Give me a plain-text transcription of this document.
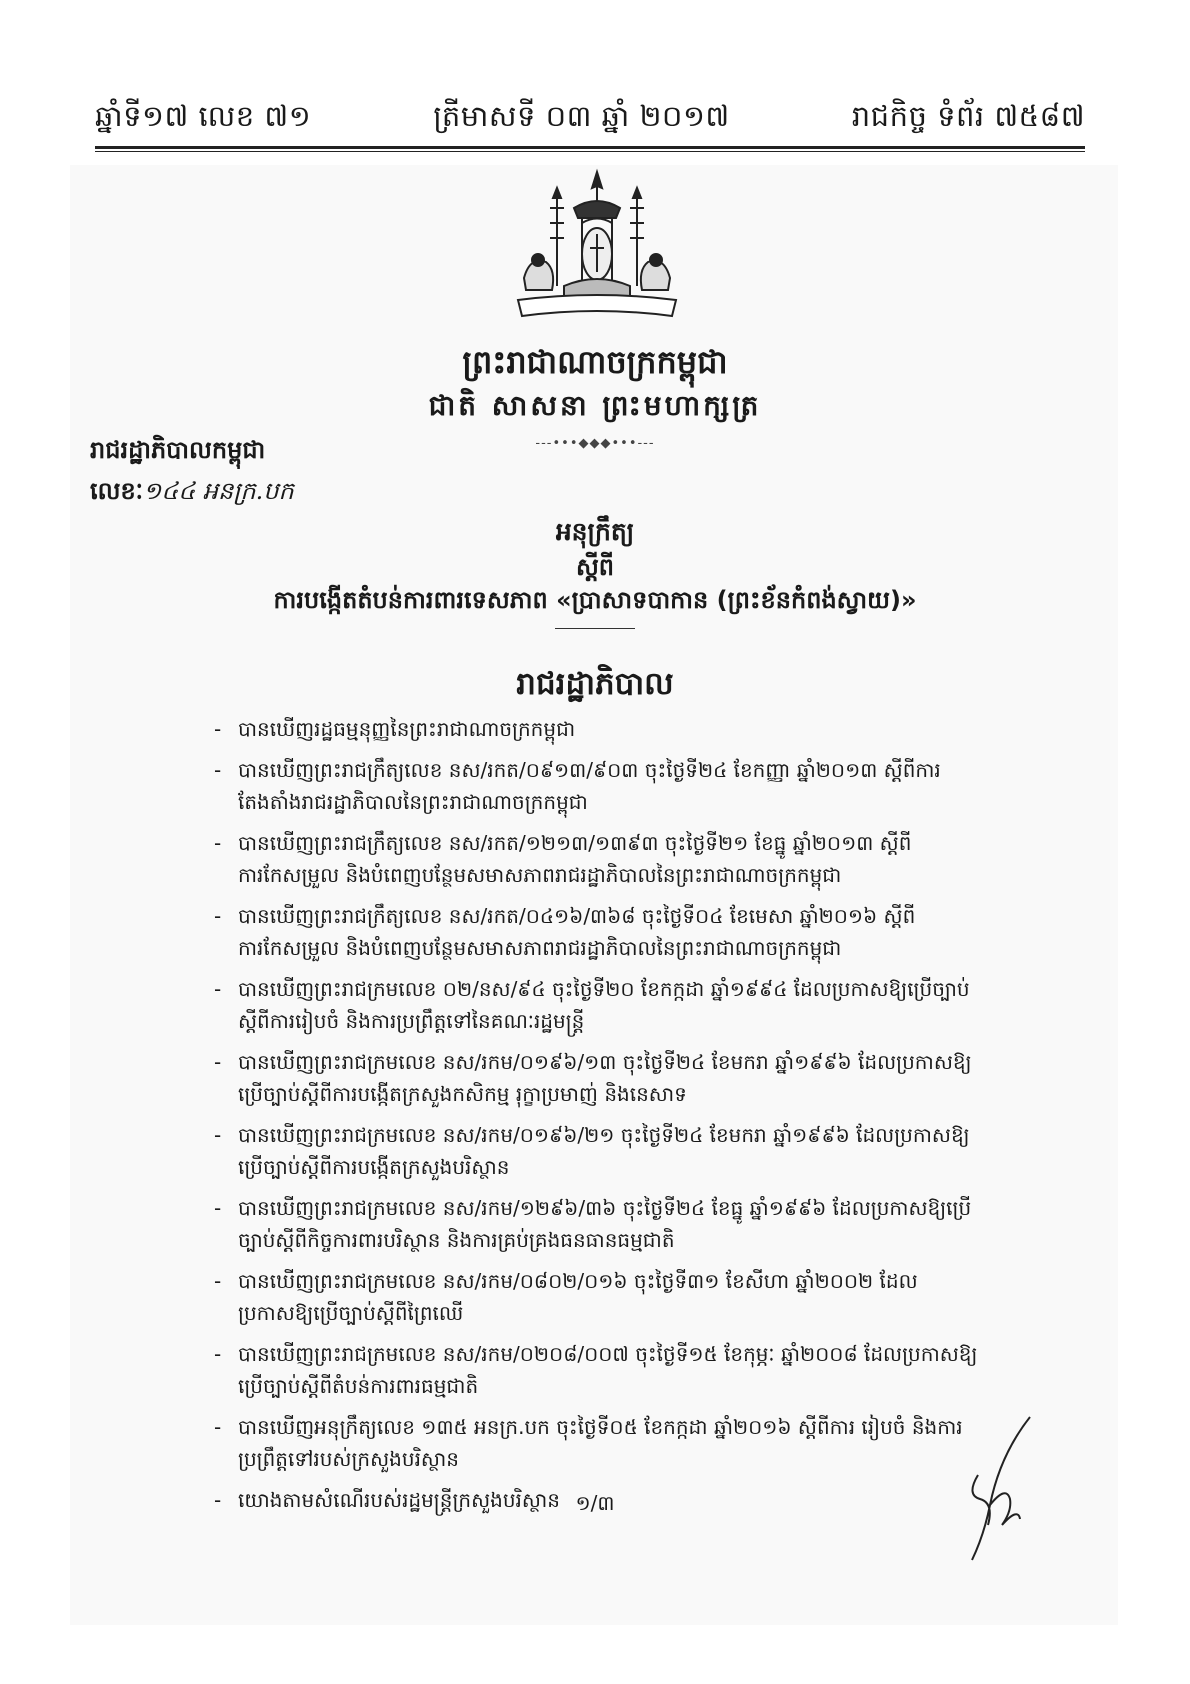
ឆ្នាំទី១៧ លេខ ៧១	ត្រីមាសទី ០៣ ឆ្នាំ ២០១៧	រាជកិច្ច ទំព័រ ៧៥៨៧
ព្រះរាជាណាចក្រកម្ពុជា
ជាតិ សាសនា ព្រះមហាក្សត្រ
---•••◆◆◆•••---
រាជរដ្ឋាភិបាលកម្ពុជា
លេខៈ១៤៤ អនក្រ.បក
អនុក្រឹត្យ
ស្តីពី
ការបង្កើតតំបន់ការពារទេសភាព «ប្រាសាទបាកាន (ព្រះខ័នកំពង់ស្វាយ)»
រាជរដ្ឋាភិបាល
- បានឃើញរដ្ឋធម្មនុញ្ញនៃព្រះរាជាណាចក្រកម្ពុជា
- បានឃើញព្រះរាជក្រឹត្យលេខ នស/រកត/០៩១៣/៩០៣ ចុះថ្ងៃទី២៤ ខែកញ្ញា ឆ្នាំ២០១៣ ស្តីពីការតែងតាំងរាជរដ្ឋាភិបាលនៃព្រះរាជាណាចក្រកម្ពុជា
- បានឃើញព្រះរាជក្រឹត្យលេខ នស/រកត/១២១៣/១៣៩៣ ចុះថ្ងៃទី២១ ខែធ្នូ ឆ្នាំ២០១៣ ស្តីពីការកែសម្រួល និងបំពេញបន្ថែមសមាសភាពរាជរដ្ឋាភិបាលនៃព្រះរាជាណាចក្រកម្ពុជា
- បានឃើញព្រះរាជក្រឹត្យលេខ នស/រកត/០៤១៦/៣៦៨ ចុះថ្ងៃទី០៤ ខែមេសា ឆ្នាំ២០១៦ ស្តីពីការកែសម្រួល និងបំពេញបន្ថែមសមាសភាពរាជរដ្ឋាភិបាលនៃព្រះរាជាណាចក្រកម្ពុជា
- បានឃើញព្រះរាជក្រមលេខ ០២/នស/៩៤ ចុះថ្ងៃទី២០ ខែកក្កដា ឆ្នាំ១៩៩៤ ដែលប្រកាសឱ្យប្រើច្បាប់ស្តីពីការរៀបចំ និងការប្រព្រឹត្តទៅនៃគណៈរដ្ឋមន្ត្រី
- បានឃើញព្រះរាជក្រមលេខ នស/រកម/០១៩៦/១៣ ចុះថ្ងៃទី២៤ ខែមករា ឆ្នាំ១៩៩៦ ដែលប្រកាសឱ្យប្រើច្បាប់ស្តីពីការបង្កើតក្រសួងកសិកម្ម រុក្ខាប្រមាញ់ និងនេសាទ
- បានឃើញព្រះរាជក្រមលេខ នស/រកម/០១៩៦/២១ ចុះថ្ងៃទី២៤ ខែមករា ឆ្នាំ១៩៩៦ ដែលប្រកាសឱ្យប្រើច្បាប់ស្តីពីការបង្កើតក្រសួងបរិស្ថាន
- បានឃើញព្រះរាជក្រមលេខ នស/រកម/១២៩៦/៣៦ ចុះថ្ងៃទី២៤ ខែធ្នូ ឆ្នាំ១៩៩៦ ដែលប្រកាសឱ្យប្រើច្បាប់ស្តីពីកិច្ចការពារបរិស្ថាន និងការគ្រប់គ្រងធនធានធម្មជាតិ
- បានឃើញព្រះរាជក្រមលេខ នស/រកម/០៨០២/០១៦ ចុះថ្ងៃទី៣១ ខែសីហា ឆ្នាំ២០០២ ដែលប្រកាសឱ្យប្រើច្បាប់ស្តីពីព្រៃឈើ
- បានឃើញព្រះរាជក្រមលេខ នស/រកម/០២០៨/០០៧ ចុះថ្ងៃទី១៥ ខែកុម្ភៈ ឆ្នាំ២០០៨ ដែលប្រកាសឱ្យប្រើច្បាប់ស្តីពីតំបន់ការពារធម្មជាតិ
- បានឃើញអនុក្រឹត្យលេខ ១៣៥ អនក្រ.បក ចុះថ្ងៃទី០៥ ខែកក្កដា ឆ្នាំ២០១៦ ស្តីពីការ រៀបចំ និងការប្រព្រឹត្តទៅរបស់ក្រសួងបរិស្ថាន
- យោងតាមសំណើរបស់រដ្ឋមន្ត្រីក្រសួងបរិស្ថាន ១/៣
